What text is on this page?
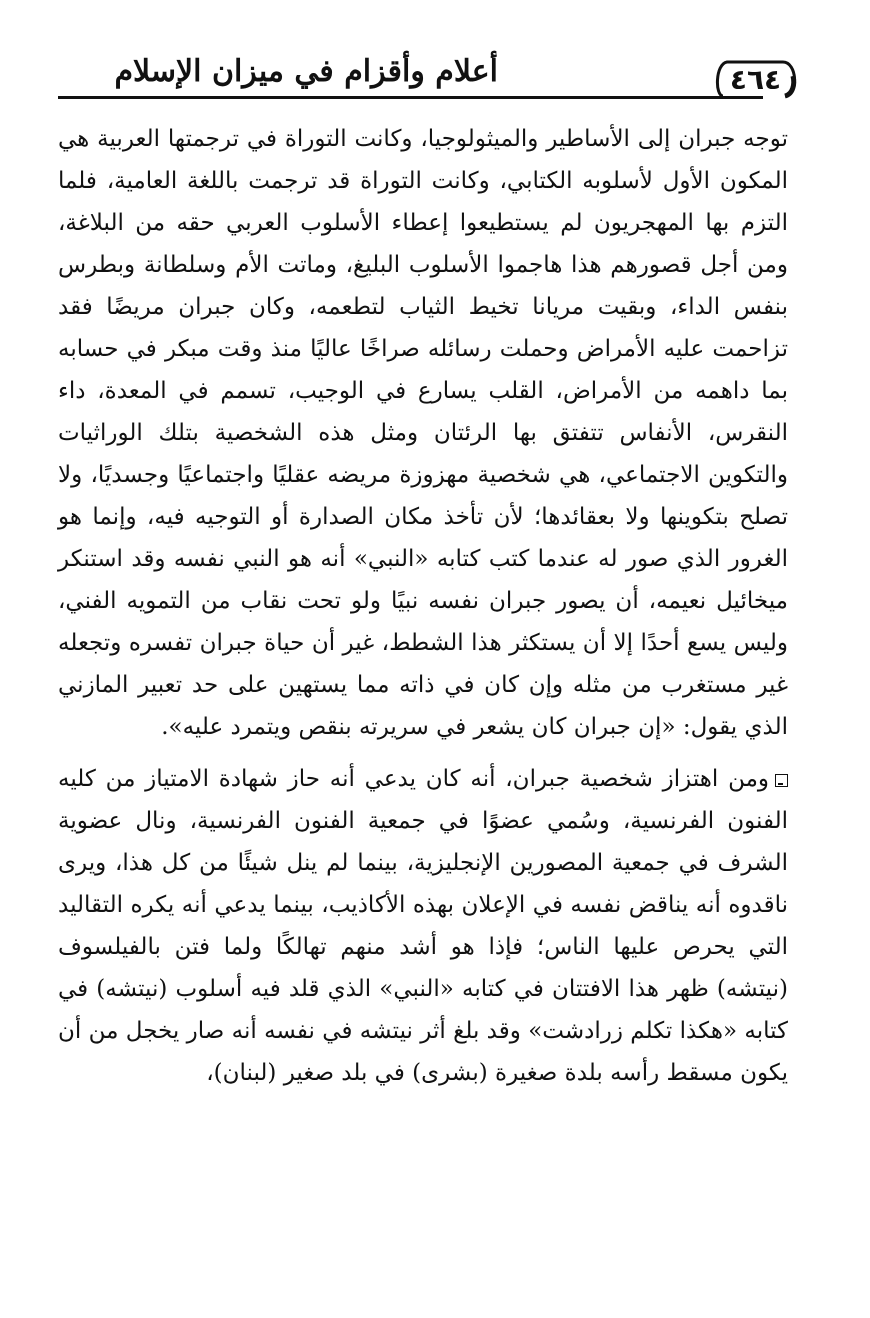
أعلام وأقزام في ميزان الإسلام	٤٦٤

توجه جبران إلى الأساطير والميثولوجيا، وكانت التوراة في ترجمتها العربية هي المكون الأول لأسلوبه الكتابي، وكانت التوراة قد ترجمت باللغة العامية، فلما التزم بها المهجريون لم يستطيعوا إعطاء الأسلوب العربي حقه من البلاغة، ومن أجل قصورهم هذا هاجموا الأسلوب البليغ، وماتت الأم وسلطانة وبطرس بنفس الداء، وبقيت مريانا تخيط الثياب لتطعمه، وكان جبران مريضًا فقد تزاحمت عليه الأمراض وحملت رسائله صراخًا عاليًا منذ وقت مبكر في حسابه بما داهمه من الأمراض، القلب يسارع في الوجيب، تسمم في المعدة، داء النقرس، الأنفاس تتفتق بها الرئتان ومثل هذه الشخصية بتلك الوراثيات والتكوين الاجتماعي، هي شخصية مهزوزة مريضه عقليًا واجتماعيًا وجسديًا، ولا تصلح بتكوينها ولا بعقائدها؛ لأن تأخذ مكان الصدارة أو التوجيه فيه، وإنما هو الغرور الذي صور له عندما كتب كتابه «النبي» أنه هو النبي نفسه وقد استنكر ميخائيل نعيمه، أن يصور جبران نفسه نبيًا ولو تحت نقاب من التمويه الفني، وليس يسع أحدًا إلا أن يستكثر هذا الشطط، غير أن حياة جبران تفسره وتجعله غير مستغرب من مثله وإن كان في ذاته مما يستهين على حد تعبير المازني الذي يقول: «إن جبران كان يشعر في سريرته بنقص ويتمرد عليه».

ومن اهتزاز شخصية جبران، أنه كان يدعي أنه حاز شهادة الامتياز من كليه الفنون الفرنسية، وسُمي عضوًا في جمعية الفنون الفرنسية، ونال عضوية الشرف في جمعية المصورين الإنجليزية، بينما لم ينل شيئًا من كل هذا، ويرى ناقدوه أنه يناقض نفسه في الإعلان بهذه الأكاذيب، بينما يدعي أنه يكره التقاليد التي يحرص عليها الناس؛ فإذا هو أشد منهم تهالكًا ولما فتن بالفيلسوف (نيتشه) ظهر هذا الافتتان في كتابه «النبي» الذي قلد فيه أسلوب (نيتشه) في كتابه «هكذا تكلم زرادشت» وقد بلغ أثر نيتشه في نفسه أنه صار يخجل من أن يكون مسقط رأسه بلدة صغيرة (بشرى) في بلد صغير (لبنان)،
